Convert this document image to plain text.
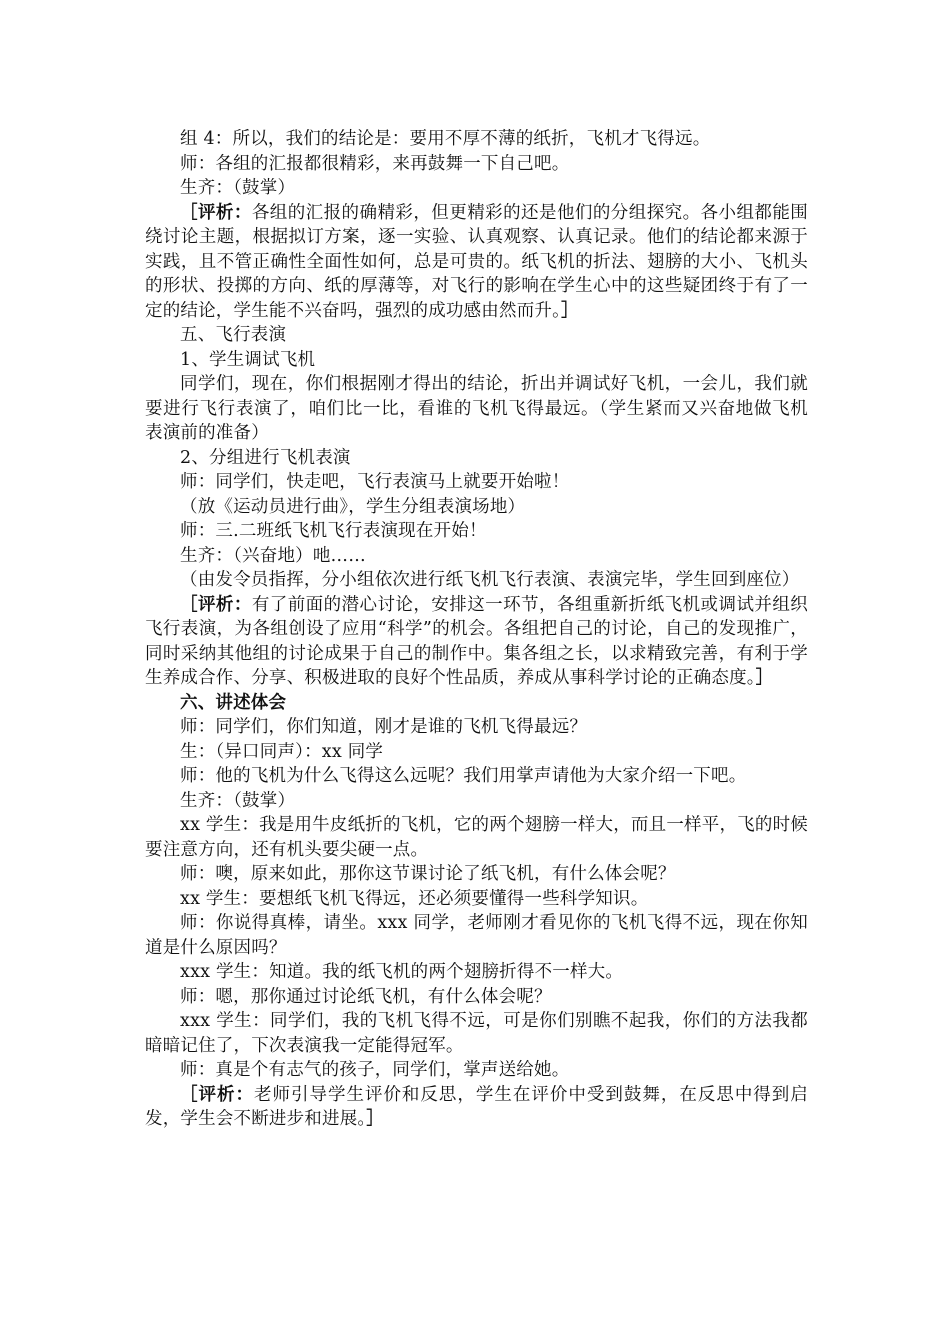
组 4：所以，我们的结论是：要用不厚不薄的纸折，飞机才飞得远。

师：各组的汇报都很精彩，来再鼓舞一下自己吧。

生齐：（鼓掌）

［评析：各组的汇报的确精彩，但更精彩的还是他们的分组探究。各小组都能围绕讨论主题，根据拟订方案，逐一实验、认真观察、认真记录。他们的结论都来源于实践，且不管正确性全面性如何，总是可贵的。纸飞机的折法、翅膀的大小、飞机头的形状、投掷的方向、纸的厚薄等，对飞行的影响在学生心中的这些疑团终于有了一定的结论，学生能不兴奋吗，强烈的成功感由然而升。］

五、飞行表演

1、学生调试飞机

同学们，现在，你们根据刚才得出的结论，折出并调试好飞机，一会儿，我们就要进行飞行表演了，咱们比一比，看谁的飞机飞得最远。（学生紧而又兴奋地做飞机表演前的准备）

2、分组进行飞机表演

师：同学们，快走吧，飞行表演马上就要开始啦！

（放《运动员进行曲》，学生分组表演场地）

师：三.二班纸飞机飞行表演现在开始！

生齐：（兴奋地）吔……

（由发令员指挥，分小组依次进行纸飞机飞行表演、表演完毕，学生回到座位）

［评析：有了前面的潜心讨论，安排这一环节，各组重新折纸飞机或调试并组织飞行表演，为各组创设了应用“科学”的机会。各组把自己的讨论，自己的发现推广，同时采纳其他组的讨论成果于自己的制作中。集各组之长，以求精致完善，有利于学生养成合作、分享、积极进取的良好个性品质，养成从事科学讨论的正确态度。］

六、讲述体会

师：同学们，你们知道，刚才是谁的飞机飞得最远？

生：（异口同声）：xx 同学

师：他的飞机为什么飞得这么远呢？我们用掌声请他为大家介绍一下吧。

生齐：（鼓掌）

xx 学生：我是用牛皮纸折的飞机，它的两个翅膀一样大，而且一样平，飞的时候要注意方向，还有机头要尖硬一点。

师：噢，原来如此，那你这节课讨论了纸飞机，有什么体会呢？

xx 学生：要想纸飞机飞得远，还必须要懂得一些科学知识。

师：你说得真棒，请坐。xxx 同学，老师刚才看见你的飞机飞得不远，现在你知道是什么原因吗？

xxx 学生：知道。我的纸飞机的两个翅膀折得不一样大。

师：嗯，那你通过讨论纸飞机，有什么体会呢？

xxx 学生：同学们，我的飞机飞得不远，可是你们别瞧不起我，你们的方法我都暗暗记住了，下次表演我一定能得冠军。

师：真是个有志气的孩子，同学们，掌声送给她。

［评析：老师引导学生评价和反思，学生在评价中受到鼓舞，在反思中得到启发，学生会不断进步和进展。］
